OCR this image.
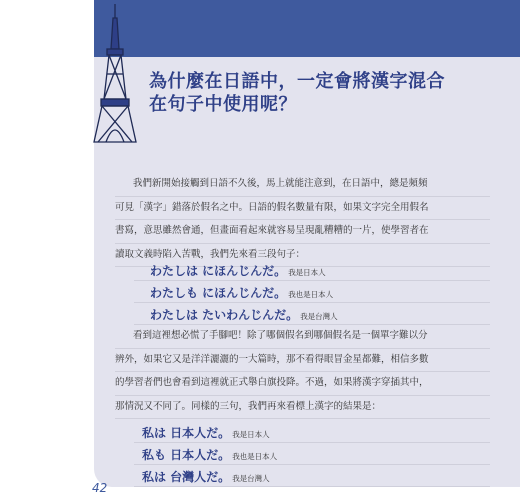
為什麼在日語中，一定會將漢字混合
在句子中使用呢？

我們新開始接觸到日語不久後，馬上就能注意到，在日語中，總是頻頻

可見「漢字」錯落於假名之中。日語的假名數量有限，如果文字完全用假名

書寫，意思雖然會通，但畫面看起來就容易呈現亂糟糟的一片，使學習者在

讀取文義時陷入苦戰，我們先來看三段句子：

わたしは にほんじんだ。 我是日本人
わたしも にほんじんだ。 我也是日本人
わたしは たいわんじんだ。 我是台灣人

看到這裡想必慌了手腳吧！除了哪個假名到哪個假名是一個單字難以分

辨外，如果它又是洋洋灑灑的一大篇時，那不看得眼冒金星都難，相信多數

的學習者們也會看到這裡就正式舉白旗投降。不過，如果將漢字穿插其中，

那情況又不同了。同樣的三句，我們再來看標上漢字的結果是：

私は 日本人だ。 我是日本人
私も 日本人だ。 我也是日本人
私は 台灣人だ。 我是台灣人
42
